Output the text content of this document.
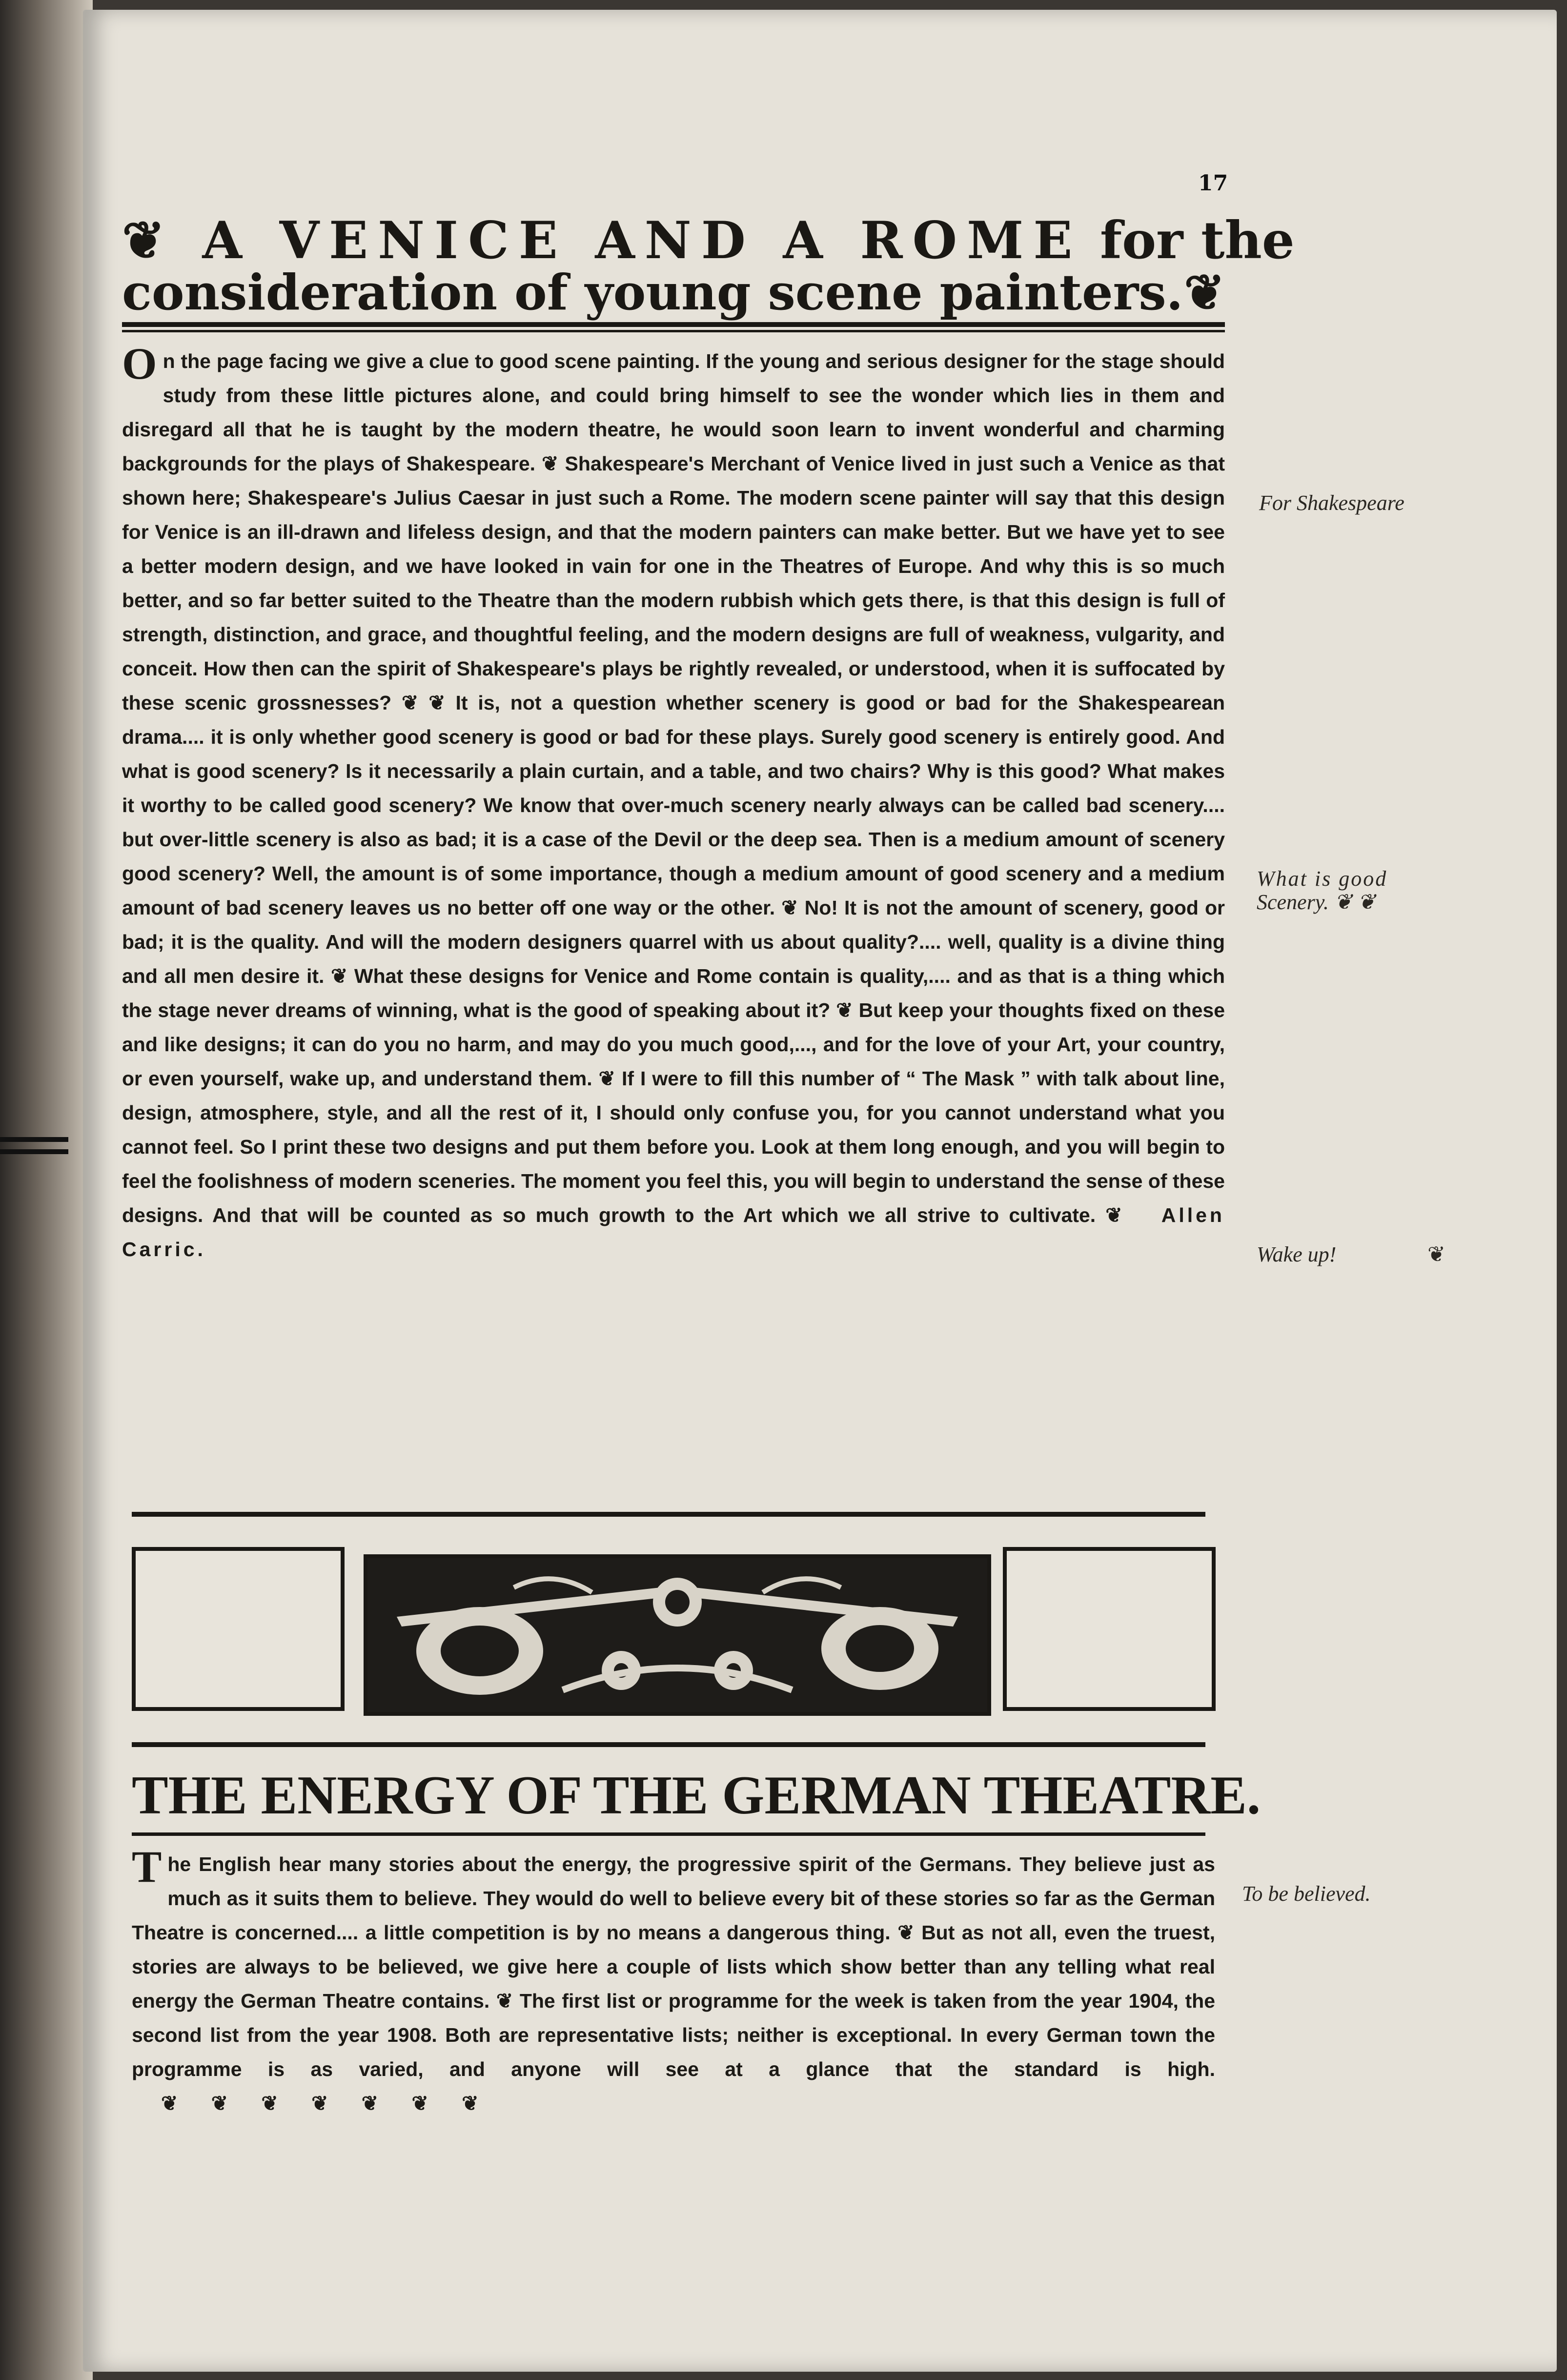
17
❦ A VENICE AND A ROME for the
consideration of young scene painters. ❦

O n the page facing we give a clue to good scene painting. If the young and serious designer for the stage should study from these little pictures alone, and could bring himself to see the wonder which lies in them and disregard all that he is taught by the modern theatre, he would soon learn to invent wonderful and charming backgrounds for the plays of Shakespeare. ❦ Shakespeare's Merchant of Venice lived in just such a Venice as that shown here; Shakespeare's Julius Caesar in just such a Rome. The modern scene painter will say that this design for Venice is an ill-drawn and lifeless design, and that the modern painters can make better. But we have yet to see a better modern design, and we have looked in vain for one in the Theatres of Europe. And why this is so much better, and so far better suited to the Theatre than the modern rubbish which gets there, is that this design is full of strength, distinction, and grace, and thoughtful feeling, and the modern designs are full of weakness, vulgarity, and conceit. How then can the spirit of Shakespeare's plays be rightly revealed, or understood, when it is suffocated by these scenic grossnesses? ❦ ❦ It is, not a question whether scenery is good or bad for the Shakespearean drama.... it is only whether good scenery is good or bad for these plays. Surely good scenery is entirely good. And what is good scenery? Is it necessarily a plain curtain, and a table, and two chairs? Why is this good? What makes it worthy to be called good scenery? We know that over-much scenery nearly always can be called bad scenery.... but over-little scenery is also as bad; it is a case of the Devil or the deep sea. Then is a medium amount of scenery good scenery? Well, the amount is of some importance, though a medium amount of good scenery and a medium amount of bad scenery leaves us no better off one way or the other. ❦ No! It is not the amount of scenery, good or bad; it is the quality. And will the modern designers quarrel with us about quality?.... well, quality is a divine thing and all men desire it. ❦ What these designs for Venice and Rome contain is quality,.... and as that is a thing which the stage never dreams of winning, what is the good of speaking about it? ❦ But keep your thoughts fixed on these and like designs; it can do you no harm, and may do you much good,..., and for the love of your Art, your country, or even yourself, wake up, and understand them. ❦ If I were to fill this number of “ The Mask ” with talk about line, design, atmosphere, style, and all the rest of it, I should only confuse you, for you cannot understand what you cannot feel. So I print these two designs and put them before you. Look at them long enough, and you will begin to feel the foolishness of modern sceneries. The moment you feel this, you will begin to understand the sense of these designs. And that will be counted as so much growth to the Art which we all strive to cultivate. ❦ Allen Carric.

For Shakespeare
What is good
Scenery. ❦ ❦
Wake up!	❦
To be believed.
THE ENERGY OF THE GERMAN THEATRE.

T he English hear many stories about the energy, the progressive spirit of the Germans. They believe just as much as it suits them to believe. They would do well to believe every bit of these stories so far as the German Theatre is concerned.... a little competition is by no means a dangerous thing. ❦ But as not all, even the truest, stories are always to be believed, we give here a couple of lists which show better than any telling what real energy the German Theatre contains. ❦ The first list or programme for the week is taken from the year 1904, the second list from the year 1908. Both are representative lists; neither is exceptional. In every German town the programme is as varied, and anyone will see at a glance that the standard is high. ❦      ❦      ❦      ❦      ❦      ❦      ❦
